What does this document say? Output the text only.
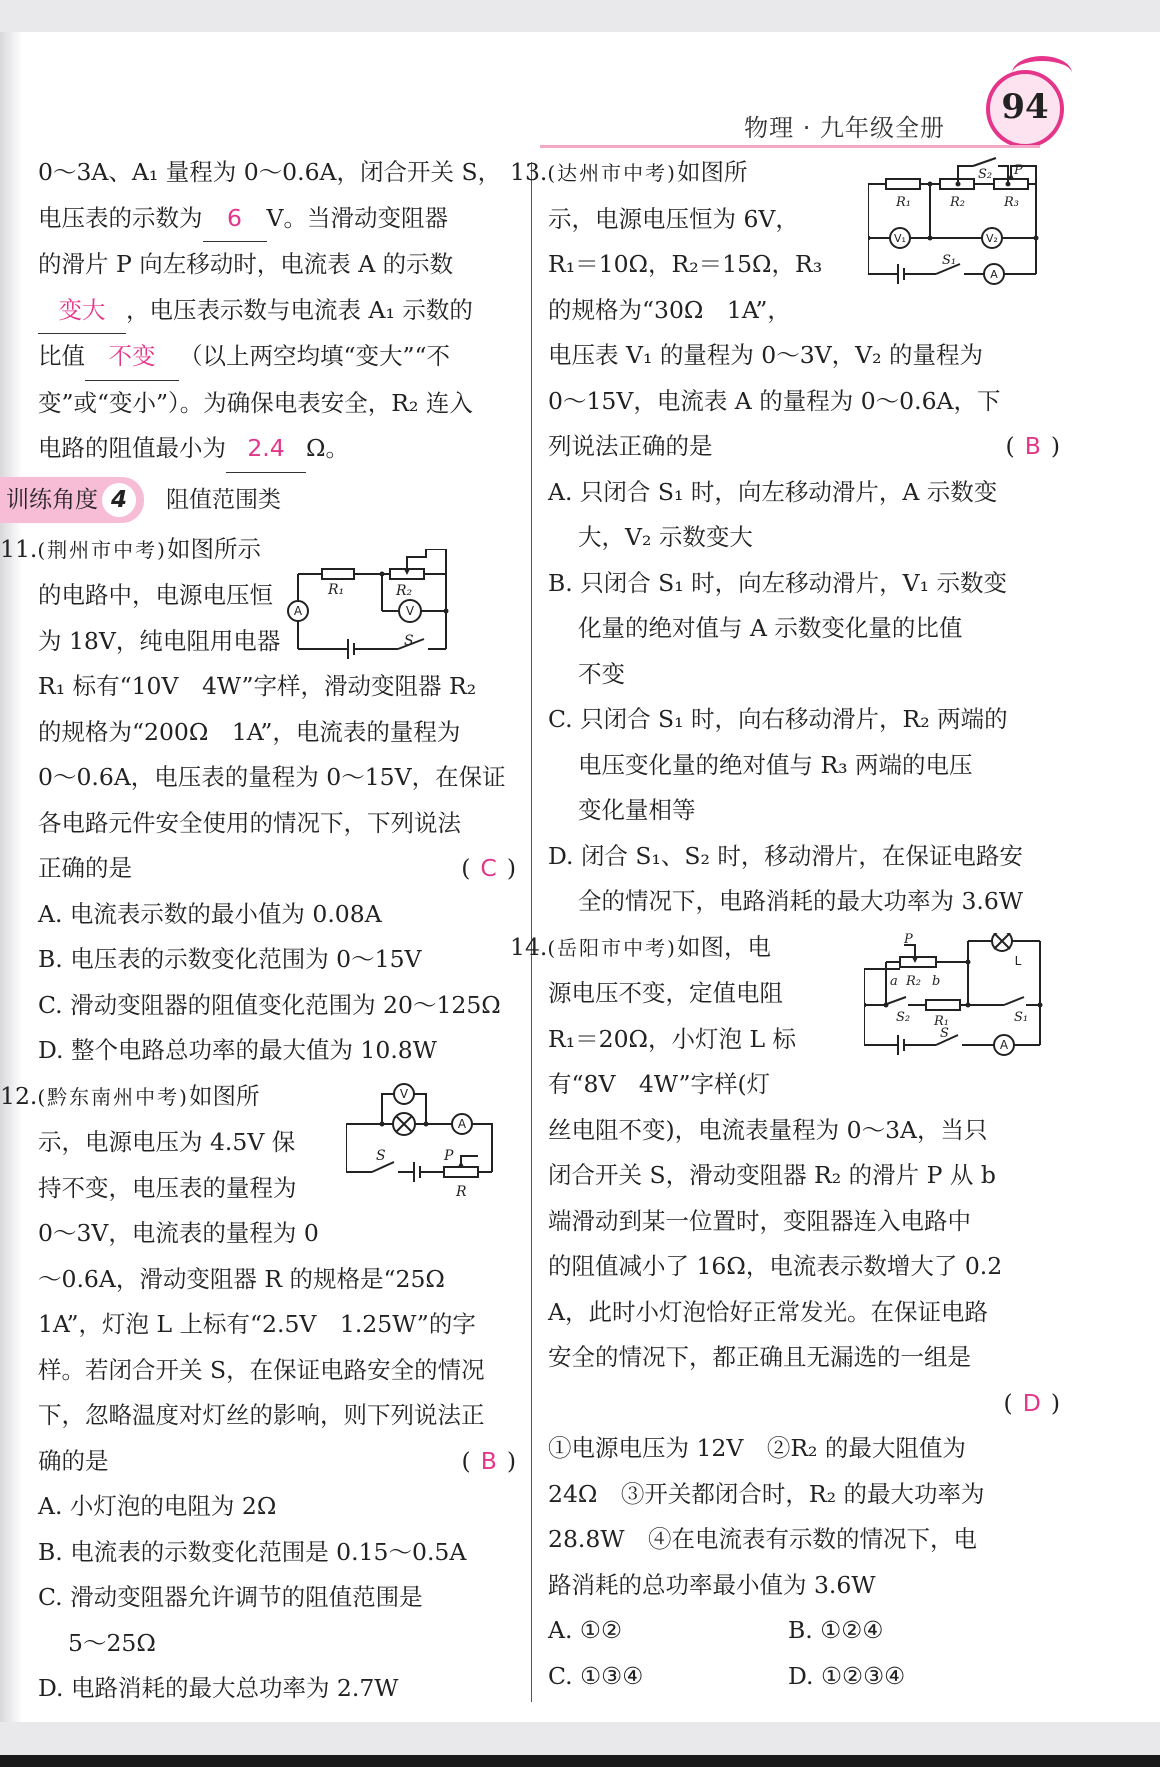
94
物理 · 九年级全册

0～3A、A₁ 量程为 0～0.6A，闭合开关 S，

电压表的示数为 6 V。当滑动变阻器

的滑片 P 向左移动时，电流表 A 的示数

变大 ，电压表示数与电流表 A₁ 示数的

比值 不变 （以上两空均填“变大”“不

变”或“变小”）。为确保电表安全，R₂ 连入

电路的阻值最小为 2.4 Ω。

训练角度 4 阻值范围类
R₁	R₂
S
A	V

11.(荆州市中考)如图所示

的电路中，电源电压恒

为 18V，纯电阻用电器

R₁ 标有“10V　4W”字样，滑动变阻器 R₂

的规格为“200Ω　1A”，电流表的量程为

0～0.6A，电压表的量程为 0～15V，在保证

各电路元件安全使用的情况下，下列说法

正确的是	( C )

A. 电流表示数的最小值为 0.08A

B. 电压表的示数变化范围为 0～15V

C. 滑动变阻器的阻值变化范围为 20～125Ω

D. 整个电路总功率的最大值为 10.8W

V
A
S	P
R

12.(黔东南州中考)如图所

示，电源电压为 4.5V 保

持不变，电压表的量程为

0～3V，电流表的量程为 0

～0.6A，滑动变阻器 R 的规格是“25Ω

1A”，灯泡 L 上标有“2.5V　1.25W”的字

样。若闭合开关 S，在保证电路安全的情况

下，忽略温度对灯丝的影响，则下列说法正

确的是	( B )

A. 小灯泡的电阻为 2Ω

B. 电流表的示数变化范围是 0.15～0.5A

C. 滑动变阻器允许调节的阻值范围是

5～25Ω

D. 电路消耗的最大总功率为 2.7W

R₁	R₂	R₃
S₂
S₁
P
V₁	V₂
A

13.(达州市中考)如图所

示，电源电压恒为 6V，

R₁＝10Ω，R₂＝15Ω，R₃

的规格为“30Ω　1A”，

电压表 V₁ 的量程为 0～3V，V₂ 的量程为

0～15V，电流表 A 的量程为 0～0.6A，下

列说法正确的是	( B )

A. 只闭合 S₁ 时，向左移动滑片，A 示数变

大，V₂ 示数变大

B. 只闭合 S₁ 时，向左移动滑片，V₁ 示数变

化量的绝对值与 A 示数变化量的比值

不变

C. 只闭合 S₁ 时，向右移动滑片，R₂ 两端的

电压变化量的绝对值与 R₃ 两端的电压

变化量相等

D. 闭合 S₁、S₂ 时，移动滑片，在保证电路安

全的情况下，电路消耗的最大功率为 3.6W

P
a R₂ b
R₁
S₂	S₁
S
L
A

14.(岳阳市中考)如图，电

源电压不变，定值电阻

R₁＝20Ω，小灯泡 L 标

有“8V　4W”字样(灯

丝电阻不变)，电流表量程为 0～3A，当只

闭合开关 S，滑动变阻器 R₂ 的滑片 P 从 b

端滑动到某一位置时，变阻器连入电路中

的阻值减小了 16Ω，电流表示数增大了 0.2

A，此时小灯泡恰好正常发光。在保证电路

安全的情况下，都正确且无漏选的一组是

( D )

①电源电压为 12V　②R₂ 的最大阻值为

24Ω　③开关都闭合时，R₂ 的最大功率为

28.8W　④在电流表有示数的情况下，电

路消耗的总功率最小值为 3.6W

A. ①②	B. ①②④

C. ①③④	D. ①②③④
